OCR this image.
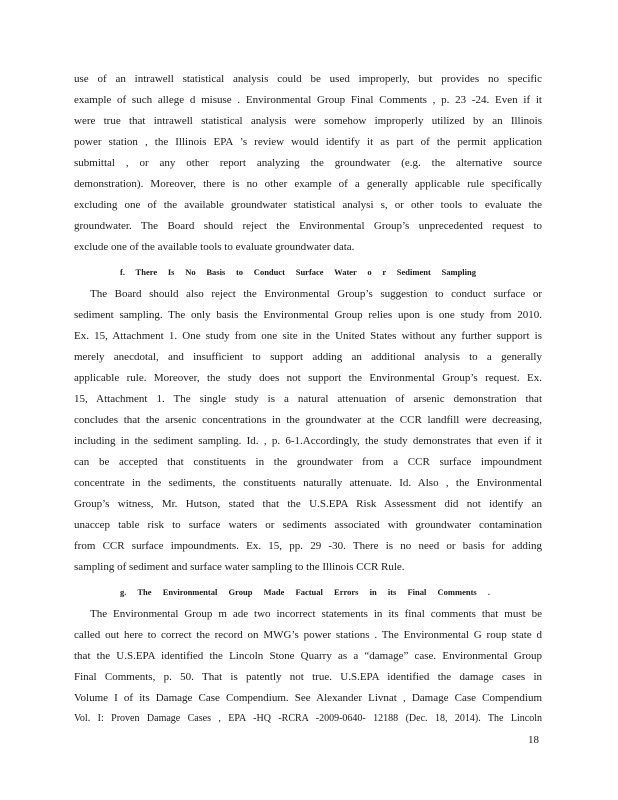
use of an intrawell statistical analysis could be used improperly, but provides no specific
example of such allege d misuse . Environmental Group Final Comments , p. 23 -24. Even if it
were true that intrawell statistical analysis were somehow improperly utilized by an Illinois
power station , the Illinois EPA ’s review would identify it as part of the permit application
submittal , or any other report analyzing the groundwater (e.g. the alternative source
demonstration). Moreover, there is no other example of a generally applicable rule specifically
excluding one of the available groundwater statistical analysi s, or other tools to evaluate the
groundwater. The Board should reject the Environmental Group’s unprecedented request to
exclude one of the available tools to evaluate groundwater data.
f. There Is No Basis to Conduct Surface Water o r Sediment Sampling
The Board should also reject the Environmental Group’s suggestion to conduct surface or
sediment sampling. The only basis the Environmental Group relies upon is one study from 2010.
Ex. 15, Attachment 1. One study from one site in the United States without any further support is
merely anecdotal, and insufficient to support adding an additional analysis to a generally
applicable rule. Moreover, the study does not support the Environmental Group’s request. Ex.
15, Attachment 1. The single study is a natural attenuation of arsenic demonstration that
concludes that the arsenic concentrations in the groundwater at the CCR landfill were decreasing,
including in the sediment sampling. Id. , p. 6-1.Accordingly, the study demonstrates that even if it
can be accepted that constituents in the groundwater from a CCR surface impoundment
concentrate in the sediments, the constituents naturally attenuate. Id. Also , the Environmental
Group’s witness, Mr. Hutson, stated that the U.S.EPA Risk Assessment did not identify an
unaccep table risk to surface waters or sediments associated with groundwater contamination
from CCR surface impoundments. Ex. 15, pp. 29 -30. There is no need or basis for adding
sampling of sediment and surface water sampling to the Illinois CCR Rule.
g. The Environmental Group Made Factual Errors in its Final Comments .
The Environmental Group m ade two incorrect statements in its final comments that must be
called out here to correct the record on MWG’s power stations . The Environmental G roup state d
that the U.S.EPA identified the Lincoln Stone Quarry as a “damage” case. Environmental Group
Final Comments, p. 50. That is patently not true. U.S.EPA identified the damage cases in
Volume I of its Damage Case Compendium. See Alexander Livnat , Damage Case Compendium
Vol. I: Proven Damage Cases , EPA -HQ -RCRA -2009-0640- 12188 (Dec. 18, 2014). The Lincoln
18
